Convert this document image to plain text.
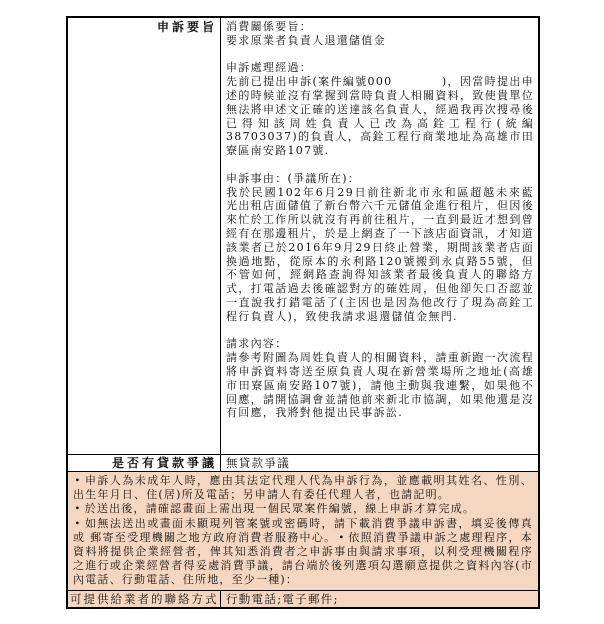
申訴要旨 消費關係要旨：
要求原業者負責人退還儲值金
申訴處理經過：
先前已提出申訴(案件編號000　　　　)，因當時提出申述的時候並沒有掌握到當時負責人相關資料，致使貴單位無法將申述文正確的送達該名負責人，經過我再次搜尋後已得知該周姓負責人已改為高銓工程行(統編38703037)的負責人，高銓工程行商業地址為高雄市田寮區南安路107號.
申訴事由：(爭議所在)：
我於民國102年6月29日前往新北市永和區超越未來藍光出租店面儲值了新台幣六千元儲值金進行租片，但因後來忙於工作所以就沒有再前往租片，一直到最近才想到曾經有在那邊租片，於是上網查了一下該店面資訊，才知道該業者已於2016年9月29日終止營業，期間該業者店面換過地點，從原本的永利路120號搬到永貞路55號，但不管如何，經網路查詢得知該業者最後負責人的聯絡方式，打電話過去後確認對方的確姓周，但他卻矢口否認並一直說我打錯電話了(主因也是因為他改行了現為高銓工程行負責人)，致使我請求退還儲值金無門.
請求內容：
請參考附圖為周姓負責人的相關資料，請重新跑一次流程將申訴資料寄送至原負責人現在新營業場所之地址(高雄市田寮區南安路107號)，請他主動與我連繫，如果他不回應，請開協調會並請他前來新北市協調，如果他還是沒有回應，我將對他提出民事訴訟.
是否有貸款爭議 無貸款爭議
• 申訴人為未成年人時，應由其法定代理人代為申訴行為，並應載明其姓名、性別、出生年月日、住(居)所及電話；另申請人有委任代理人者，也請記明。
• 於送出後，請確認畫面上需出現一個民眾案件編號，線上申訴才算完成。
• 如無法送出或畫面未顯現列管案號或密碼時，請下載消費爭議申訴書，填妥後傳真或 郵寄至受理機關之地方政府消費者服務中心。 • 依照消費爭議申訴之處理程序，本資料將提供企業經營者，俾其知悉消費者之申訴事由與請求事項，以利受理機關程序之進行或企業經營者得妥處消費爭議，請台端於後列選項勾選願意提供之資料內容(市內電話、行動電話、住所地，至少一種)：
可提供給業者的聯絡方式 行動電話;電子郵件;
